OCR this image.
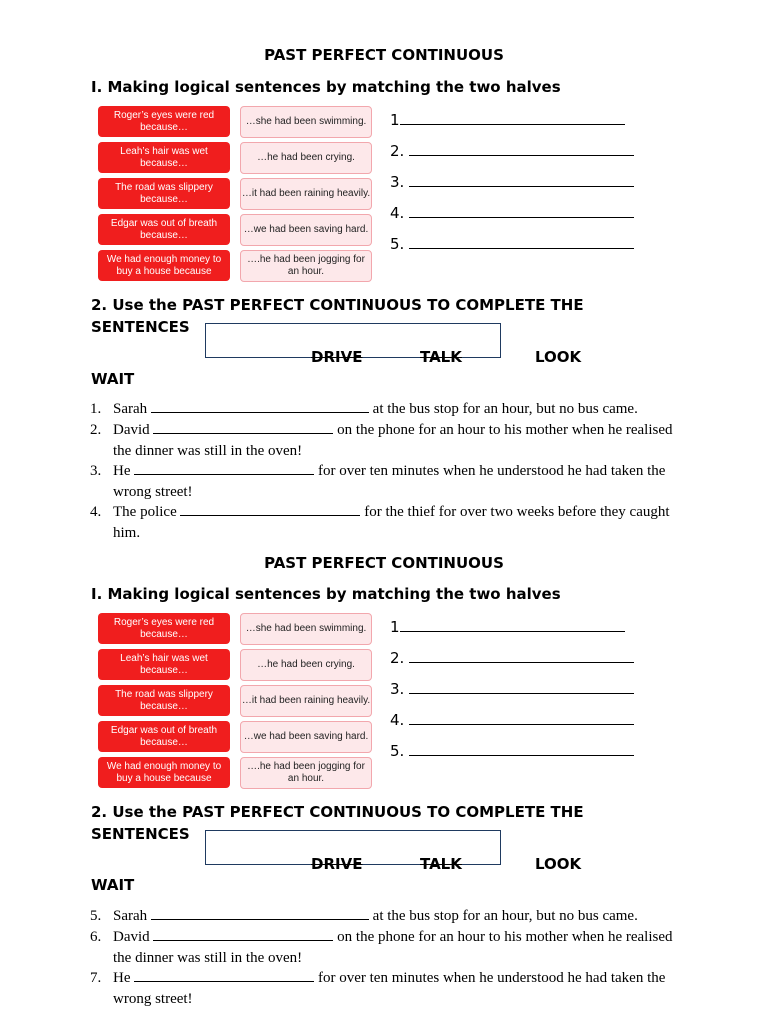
PAST PERFECT CONTINUOUS
I. Making logical sentences by matching the two halves
Roger’s eyes were red because…
Leah’s hair was wet because…
The road was slippery because…
Edgar was out of breath because…
We had enough money to buy a house because
…she had been swimming.
…he had been crying.
…it had been raining heavily.
…we had been saving hard.
….he had been jogging for an hour.
1
2.
3.
4.
5.
2. Use the PAST PERFECT CONTINUOUS TO COMPLETE THE
SENTENCES
DRIVE	TALK	LOOK
WAIT
1. Sarah	at the bus stop for an hour, but no bus came.
2. David	on the phone for an hour to his mother when he realised the dinner was still in the oven!
3. He	for over ten minutes when he understood he had taken the wrong street!
4. The police	for the thief for over two weeks before they caught him.
PAST PERFECT CONTINUOUS
I. Making logical sentences by matching the two halves
Roger’s eyes were red because…
Leah’s hair was wet because…
The road was slippery because…
Edgar was out of breath because…
We had enough money to buy a house because
…she had been swimming.
…he had been crying.
…it had been raining heavily.
…we had been saving hard.
….he had been jogging for an hour.
1
2.
3.
4.
5.
2. Use the PAST PERFECT CONTINUOUS TO COMPLETE THE
SENTENCES
DRIVE	TALK	LOOK
WAIT
5. Sarah	at the bus stop for an hour, but no bus came.
6. David	on the phone for an hour to his mother when he realised the dinner was still in the oven!
7. He	for over ten minutes when he understood he had taken the wrong street!
